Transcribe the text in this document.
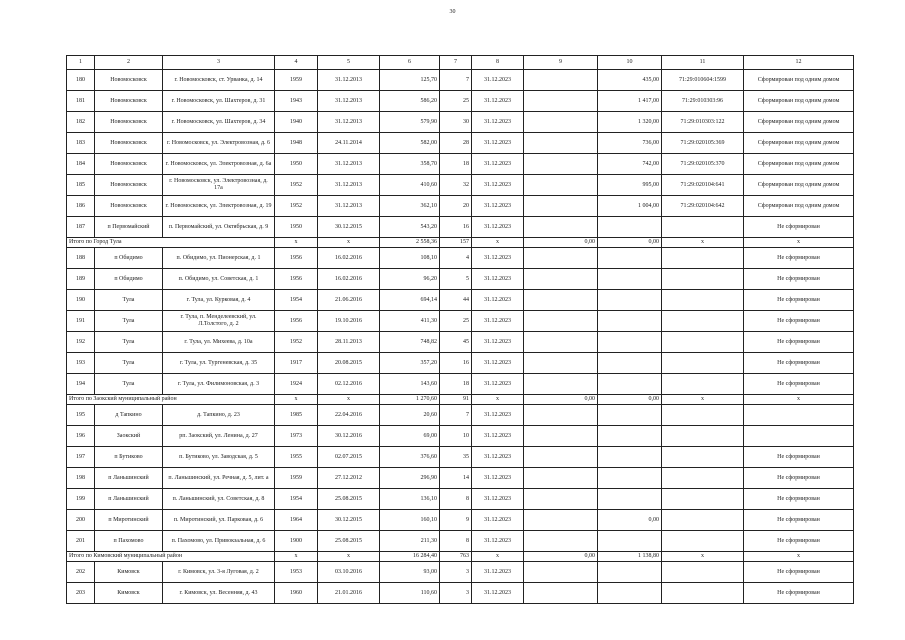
30
1	2	3	4	5	6	7	8	9	10	11	12
180	Новомосковск	г. Новомосковск, ст. Урванка, д. 14	1959	31.12.2013	125,70	7	31.12.2023		435,00	71:29:010604:1599	Сформирован под одним домом
181	Новомосковск	г. Новомосковск, ул. Шахтеров, д. 31	1943	31.12.2013	586,20	25	31.12.2023		1 417,00	71:29:010303:96	Сформирован под одним домом
182	Новомосковск	г. Новомосковск, ул. Шахтеров, д. 34	1940	31.12.2013	579,90	30	31.12.2023		1 320,00	71:29:010303:122	Сформирован под одним домом
183	Новомосковск	г. Новомосковск, ул. Электровозная, д. 6	1948	24.11.2014	582,00	28	31.12.2023		736,00	71:29:020105:369	Сформирован под одним домом
184	Новомосковск	г. Новомосковск, ул. Электровозная, д. 6а	1950	31.12.2013	358,70	18	31.12.2023		742,00	71:29:020105:370	Сформирован под одним домом
185	Новомосковск	г. Новомосковск, ул. Электровозная, д. 17а	1952	31.12.2013	410,60	32	31.12.2023		995,00	71:29:020104:641	Сформирован под одним домом
186	Новомосковск	г. Новомосковск, ул. Электровозная, д. 19	1952	31.12.2013	362,10	20	31.12.2023		1 004,00	71:29:020104:642	Сформирован под одним домом
187	п Первомайский	п. Первомайский, ул. Октябрьская, д. 9	1950	30.12.2015	543,20	16	31.12.2023				Не сформирован
Итого по Город Тула			x	x	2 558,36	157	x	0,00	0,00	x	x
188	п Обидимо	п. Обидимо, ул. Пионерская, д. 1	1956	16.02.2016	108,10	4	31.12.2023				Не сформирован
189	п Обидимо	п. Обидимо, ул. Советская, д. 1	1956	16.02.2016	96,20	5	31.12.2023				Не сформирован
190	Тула	г. Тула, ул. Курковая, д. 4	1954	21.06.2016	694,14	44	31.12.2023				Не сформирован
191	Тула	г. Тула, п. Менделеевский, ул. Л.Толстого, д. 2	1956	19.10.2016	411,30	25	31.12.2023				Не сформирован
192	Тула	г. Тула, ул. Михеева, д. 10а	1952	28.11.2013	748,82	45	31.12.2023				Не сформирован
193	Тула	г. Тула, ул. Тургеневская, д. 35	1917	20.08.2015	357,20	16	31.12.2023				Не сформирован
194	Тула	г. Тула, ул. Филимоновская, д. 3	1924	02.12.2016	143,60	18	31.12.2023				Не сформирован
Итого по Заокский муниципальный район			x	x	1 270,60	91	x	0,00	0,00	x	x
195	д Тапкино	д. Тапкино, д. 23	1985	22.04.2016	20,60	7	31.12.2023				
196	Заокский	рп. Заокский, ул. Ленина, д. 27	1973	30.12.2016	69,00	10	31.12.2023				
197	п Бутиково	п. Бутиково, ул. Заводская, д. 5	1955	02.07.2015	376,60	35	31.12.2023				Не сформирован
198	п Ланьшинский	п. Ланьшинский, ул. Речная, д. 5, лит. а	1959	27.12.2012	296,90	14	31.12.2023				Не сформирован
199	п Ланьшинский	п. Ланьшинский, ул. Советская, д. 8	1954	25.08.2015	136,10	8	31.12.2023				Не сформирован
200	п Миротинский	п. Миротинский, ул. Парковая, д. 6	1964	30.12.2015	160,10	9	31.12.2023		0,00		Не сформирован
201	п Пахомово	п. Пахомово, ул. Привокзальная, д. 6	1900	25.08.2015	211,30	8	31.12.2023				Не сформирован
Итого по Кимовский муниципальный район			x	x	16 284,40	763	x	0,00	1 138,80	x	x
202	Кимовск	г. Кимовск, ул. 3-я Луговая, д. 2	1953	03.10.2016	93,00	3	31.12.2023				Не сформирован
203	Кимовск	г. Кимовск, ул. Весенняя, д. 43	1960	21.01.2016	110,60	3	31.12.2023				Не сформирован
